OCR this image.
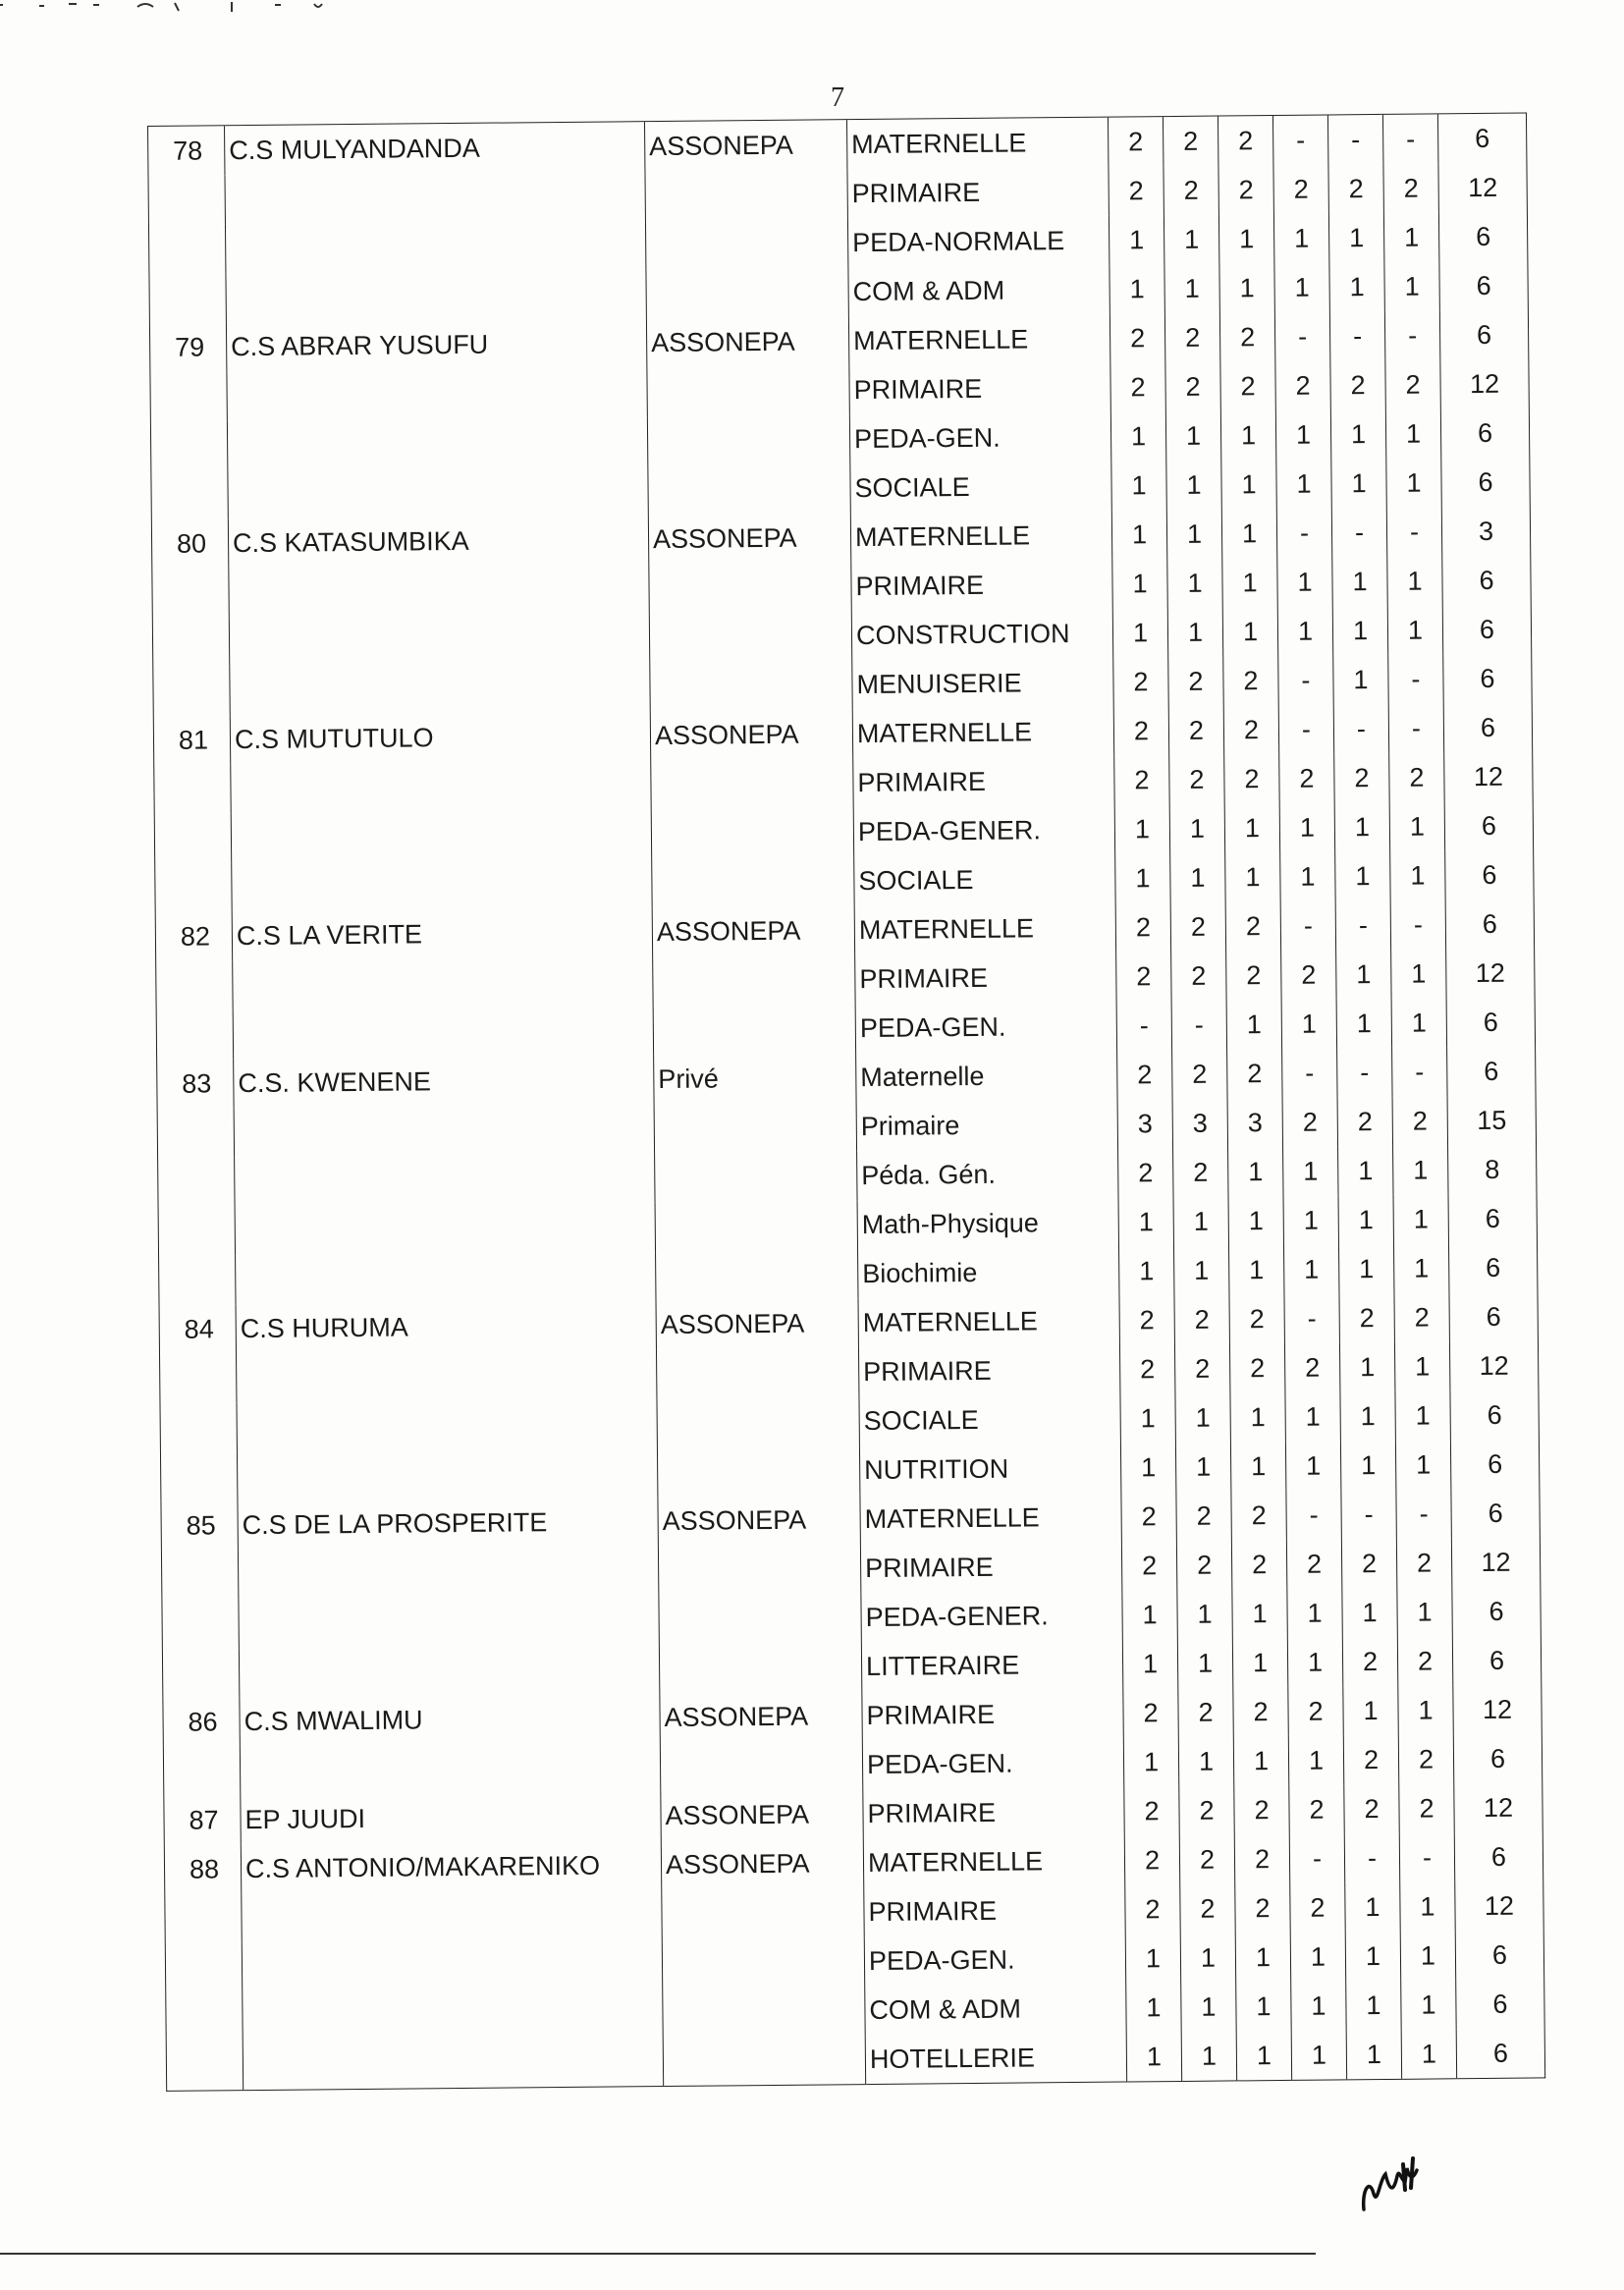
7
78	C.S MULYANDANDA	ASSONEPA	MATERNELLE	2	2	2	-	-	-	6
			PRIMAIRE	2	2	2	2	2	2	12
			PEDA-NORMALE	1	1	1	1	1	1	6
			COM & ADM	1	1	1	1	1	1	6
79	C.S ABRAR YUSUFU	ASSONEPA	MATERNELLE	2	2	2	-	-	-	6
			PRIMAIRE	2	2	2	2	2	2	12
			PEDA-GEN.	1	1	1	1	1	1	6
			SOCIALE	1	1	1	1	1	1	6
80	C.S KATASUMBIKA	ASSONEPA	MATERNELLE	1	1	1	-	-	-	3
			PRIMAIRE	1	1	1	1	1	1	6
			CONSTRUCTION	1	1	1	1	1	1	6
			MENUISERIE	2	2	2	-	1	-	6
81	C.S MUTUTULO	ASSONEPA	MATERNELLE	2	2	2	-	-	-	6
			PRIMAIRE	2	2	2	2	2	2	12
			PEDA-GENER.	1	1	1	1	1	1	6
			SOCIALE	1	1	1	1	1	1	6
82	C.S LA VERITE	ASSONEPA	MATERNELLE	2	2	2	-	-	-	6
			PRIMAIRE	2	2	2	2	1	1	12
			PEDA-GEN.	-	-	1	1	1	1	6
83	C.S. KWENENE	Privé	Maternelle	2	2	2	-	-	-	6
			Primaire	3	3	3	2	2	2	15
			Péda. Gén.	2	2	1	1	1	1	8
			Math-Physique	1	1	1	1	1	1	6
			Biochimie	1	1	1	1	1	1	6
84	C.S HURUMA	ASSONEPA	MATERNELLE	2	2	2	-	2	2	6
			PRIMAIRE	2	2	2	2	1	1	12
			SOCIALE	1	1	1	1	1	1	6
			NUTRITION	1	1	1	1	1	1	6
85	C.S DE LA PROSPERITE	ASSONEPA	MATERNELLE	2	2	2	-	-	-	6
			PRIMAIRE	2	2	2	2	2	2	12
			PEDA-GENER.	1	1	1	1	1	1	6
			LITTERAIRE	1	1	1	1	2	2	6
86	C.S MWALIMU	ASSONEPA	PRIMAIRE	2	2	2	2	1	1	12
			PEDA-GEN.	1	1	1	1	2	2	6
87	EP JUUDI	ASSONEPA	PRIMAIRE	2	2	2	2	2	2	12
88	C.S ANTONIO/MAKARENIKO	ASSONEPA	MATERNELLE	2	2	2	-	-	-	6
			PRIMAIRE	2	2	2	2	1	1	12
			PEDA-GEN.	1	1	1	1	1	1	6
			COM & ADM	1	1	1	1	1	1	6
			HOTELLERIE	1	1	1	1	1	1	6
